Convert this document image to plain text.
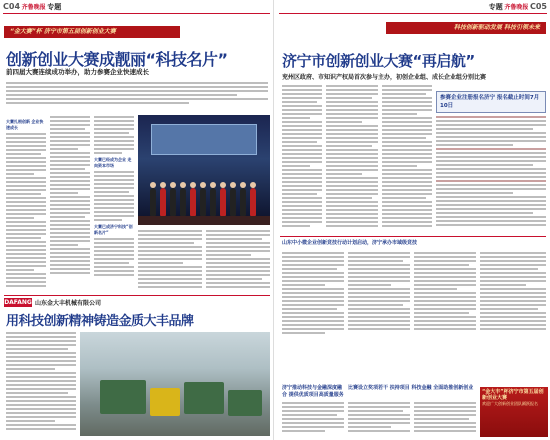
C04 齐鲁晚报 专题
“金大赛”杯 济宁市第五届创新创业大赛
创新创业大赛成靓丽“科技名片”
前四届大赛连续成功举办，助力参赛企业快速成长
大赛扎根创新 企业快速成长
大赛已经成为企业 走向资本市场
大赛已成济宁科技“创新名片”
DAFANG 山东金大丰机械有限公司
用科技创新精神铸造金质大丰品牌
专题 齐鲁晚报 C05
科技创新驱动发展 科技引领未来
济宁市创新创业大赛“再启航”
兖州区政府、市知识产权局首次参与主办，初创企业组、成长企业组分别比赛
参赛企业注册报名济宁 报名截止时间7月10日
山东中小微企业创新竞技行动计划启动，济宁承办市域级竞技
济宁推动科技与金融深度融合 提供优质项目高质量服务
比赛设立奖项若干 扶持项目 科技金融 全面助推创新创业
“金大丰”杯济宁市第五届创新创业大赛
欢迎广大创新创业团队踊跃报名
